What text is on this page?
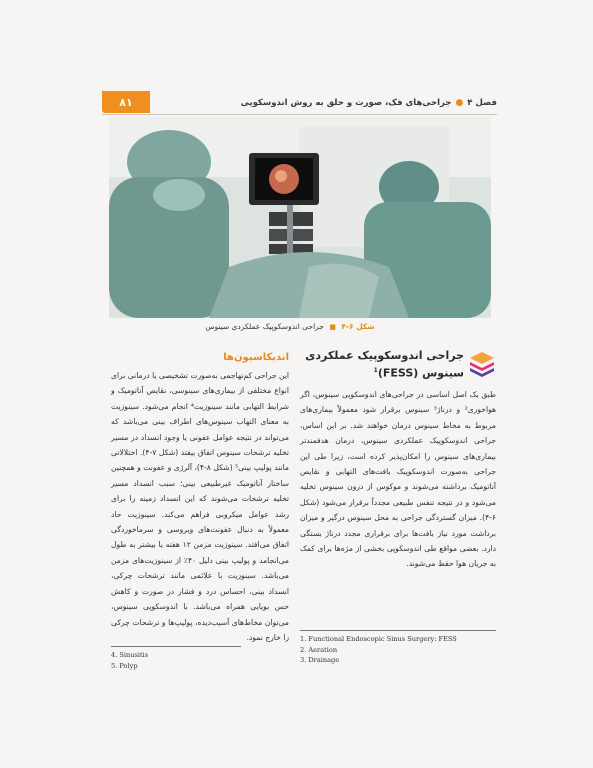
فصل ۴
●
جراحی‌های فک، صورت و حلق به روش اندوسکوپی
۸۱
شکل ۶-۴ ■ جراحی اندوسکوپیک عملکردی سینوس
جراحی اندوسکوپیک عملکردی
سینوس (FESS)$^1$
طبق یک اصل اساسی در جراحی‌های اندوسکوپی سینوس، اگر هواخوری² و درناژ³ سینوس برقرار شود معمولاً بیماری‌های مربوط به مخاط سینوس درمان خواهند شد. بر این اساس، جراحی اندوسکوپیک عملکردی سینوس، درمان هدفمندتر بیماری‌های سینوس را امکان‌پذیر کرده است، زیرا طی این جراحی به‌صورت اندوسکوپیک بافت‌های التهابی و نقایص آناتومیک برداشته می‌شوند و موکوس از درون سینوس تخلیه می‌شود و در نتیجه تنفس طبیعی مجدداً برقرار می‌شود (شکل ۶-۴). میزان گستردگی جراحی به محل سینوس درگیر و میزان برداشت مورد نیاز بافت‌ها برای برقراری مجدد درناژ بستگی دارد. بعضی مواقع طی اندوسکوپی بخشی از مژه‌ها برای کمک به جریان هوا حفظ می‌شوند.
اندیکاسیون‌ها
این جراحی کم‌تهاجمی به‌صورت تشخیصی یا درمانی برای انواع مختلفی از بیماری‌های سینوسی، نقایص آناتومیک و شرایط التهابی مانند سینوزیت⁴ انجام می‌شود. سینوزیت به معنای التهاب سینوس‌های اطراف بینی می‌باشد که می‌تواند در نتیجه عوامل عفونی یا وجود انسداد در مسیر تخلیه ترشحات سینوس اتفاق بیفتد (شکل ۷-۴). اختلالاتی مانند پولیپ بینی⁵ (شکل ۸-۴)، آلرژی و عفونت و همچنین ساختار آناتومیک غیرطبیعی بینی؛ سبب انسداد مسیر تخلیه ترشحات می‌شوند که این انسداد زمینه را برای رشد عوامل میکروبی فراهم می‌کند. سینوزیت حاد معمولاً به دنبال عفونت‌های ویروسی و سرماخوردگی اتفاق می‌افتد. سینوزیت مزمن ۱۲ هفته یا بیشتر به طول می‌انجامد و پولیپ بینی دلیل ۴۰٪ از سینوزیت‌های مزمن می‌باشد. سینوزیت با علائمی مانند ترشحات چرکی، انسداد بینی، احساس درد و فشار در صورت و کاهش حس بویایی همراه می‌باشد. با اندوسکوپی سینوس، می‌توان مخاط‌های آسیب‌دیده، پولیپ‌ها و ترشحات چرکی را خارج نمود. 1. Functional Endoscopic Sinus Surgery: FESS
2. Aeration
3. Drainage
4. Sinusitis
5. Polyp
